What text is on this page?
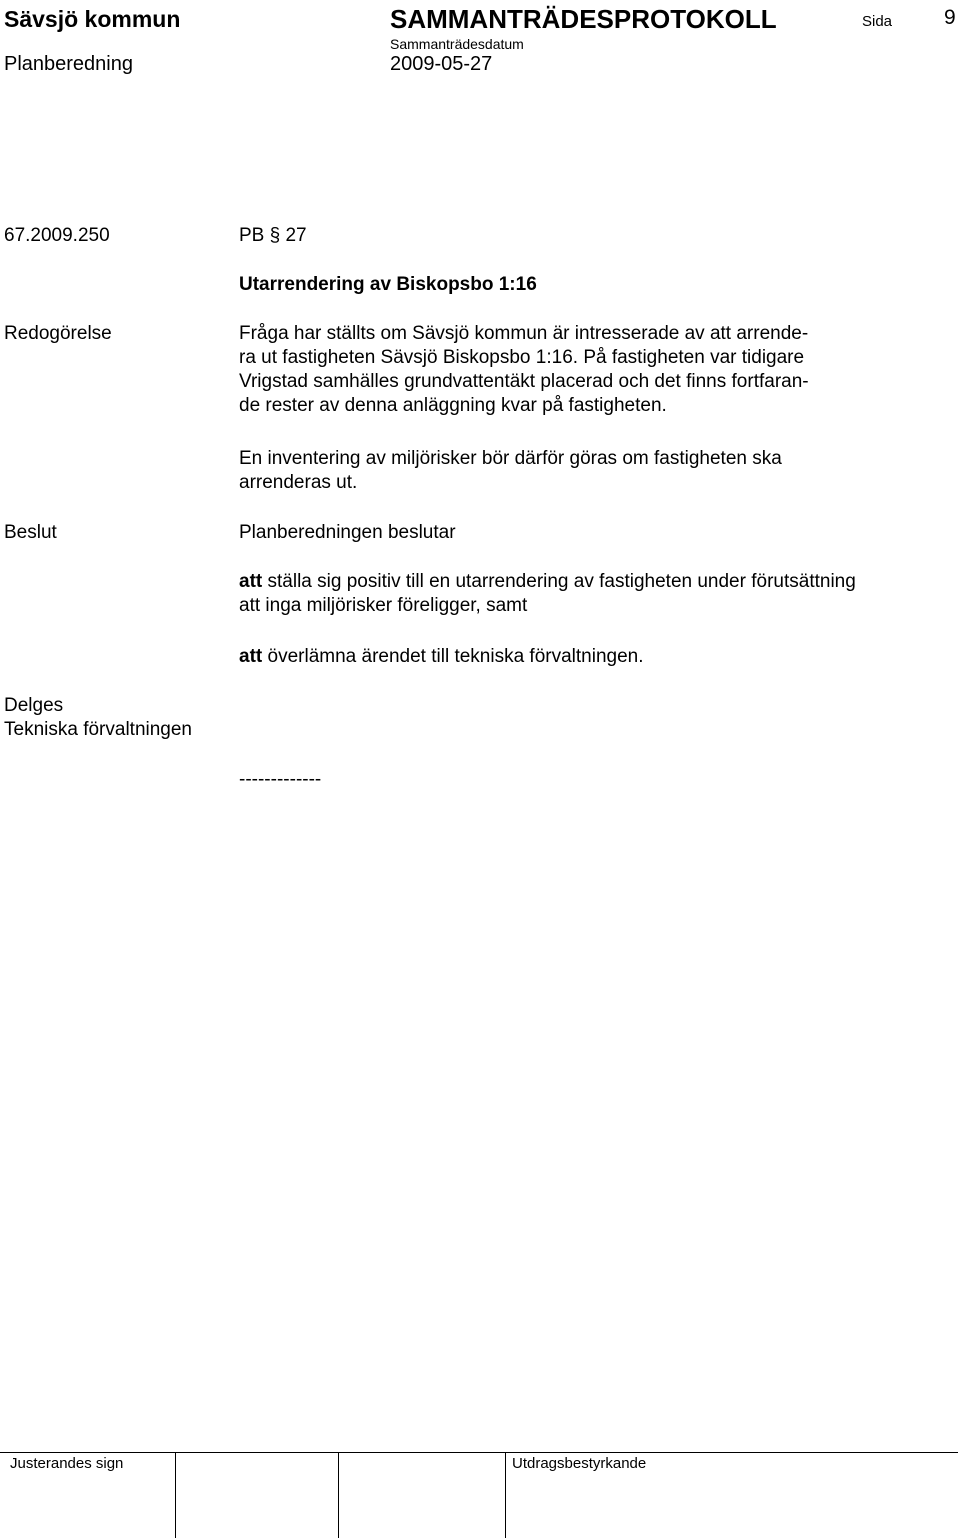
Sävsjö kommun	SAMMANTRÄDESPROTOKOLL	Sida 9
Sammanträdesdatum
Planberedning	2009-05-27
67.2009.250	PB § 27
Utarrendering av Biskopsbo 1:16
Redogörelse	Fråga har ställts om Sävsjö kommun är intresserade av att arrende-

ra ut fastigheten Sävsjö Biskopsbo 1:16. På fastigheten var tidigare

Vrigstad samhälles grundvattentäkt placerad och det finns fortfaran-

de rester av denna anläggning kvar på fastigheten.

En inventering av miljörisker bör därför göras om fastigheten ska

arrenderas ut.

Beslut	Planberedningen beslutar

att ställa sig positiv till en utarrendering av fastigheten under förutsättning

att inga miljörisker föreligger, samt

att överlämna ärendet till tekniska förvaltningen.
Delges
Tekniska förvaltningen
-------------
Justerandes sign	Utdragsbestyrkande
